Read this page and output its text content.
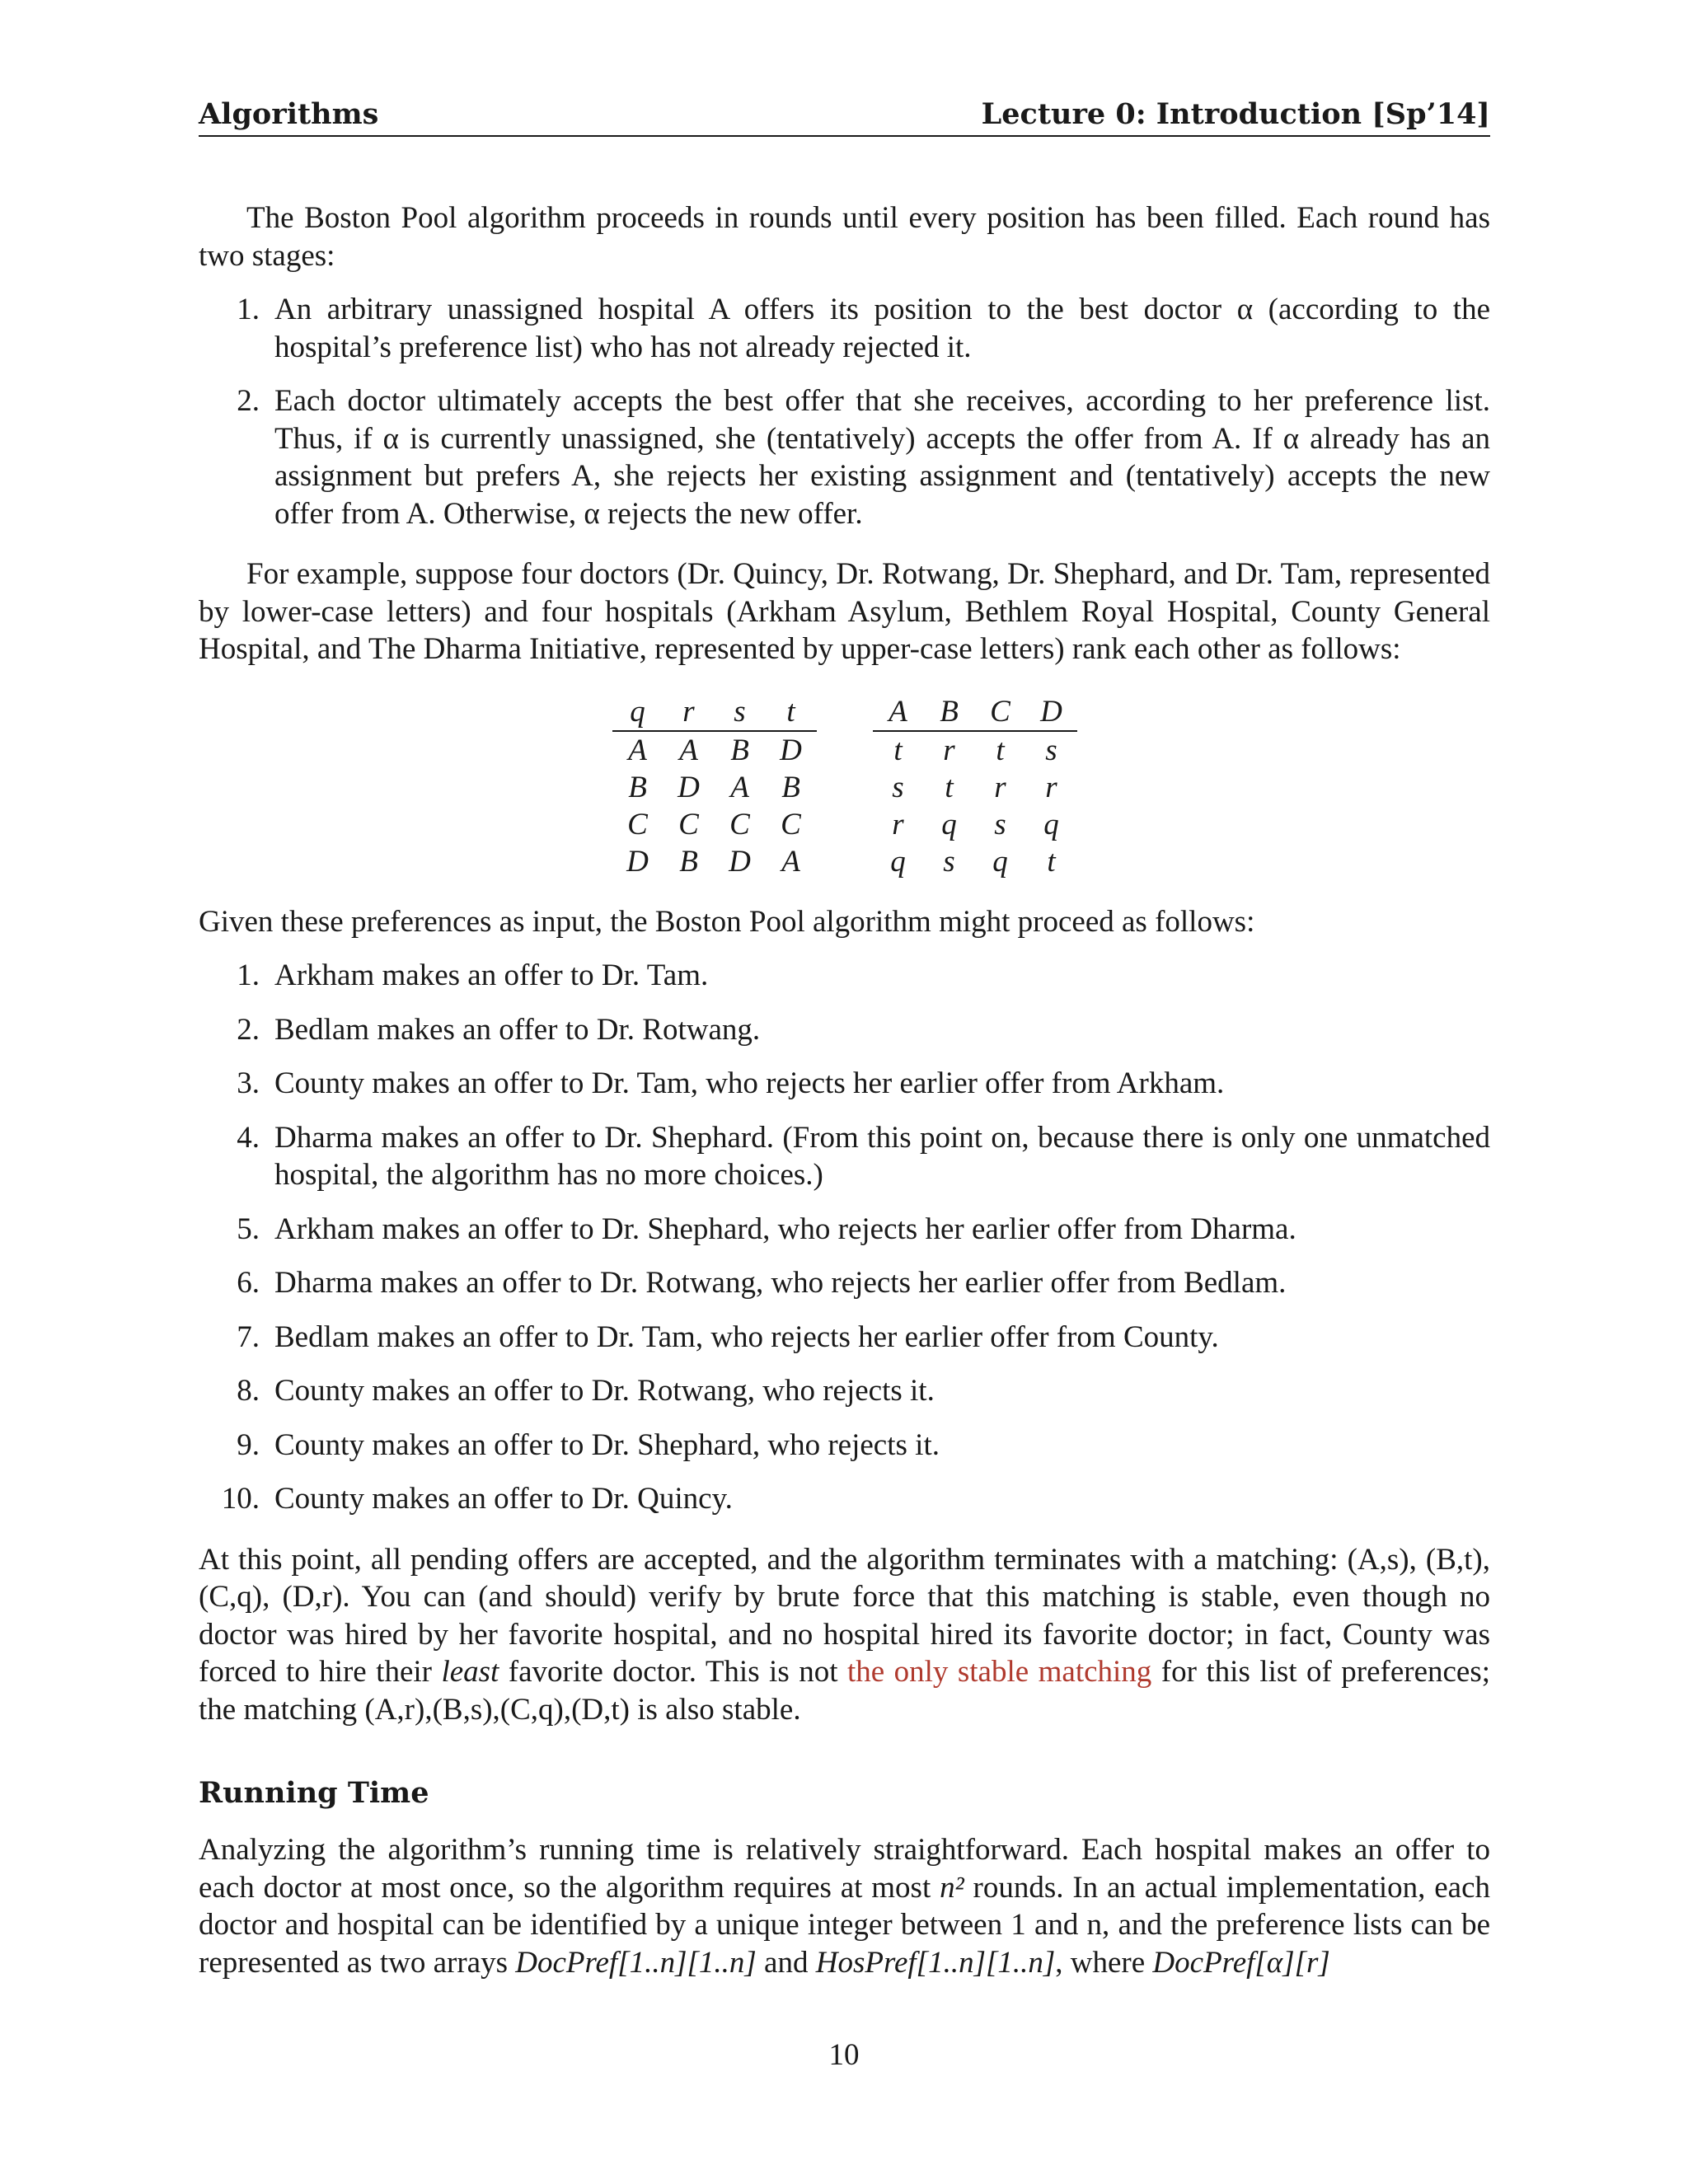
Algorithms	Lecture 0: Introduction [Sp’14]

The Boston Pool algorithm proceeds in rounds until every position has been filled. Each round has two stages:

1. An arbitrary unassigned hospital A offers its position to the best doctor α (according to the hospital’s preference list) who has not already rejected it.
2. Each doctor ultimately accepts the best offer that she receives, according to her preference list. Thus, if α is currently unassigned, she (tentatively) accepts the offer from A. If α already has an assignment but prefers A, she rejects her existing assignment and (tentatively) accepts the new offer from A. Otherwise, α rejects the new offer.

For example, suppose four doctors (Dr. Quincy, Dr. Rotwang, Dr. Shephard, and Dr. Tam, represented by lower-case letters) and four hospitals (Arkham Asylum, Bethlem Royal Hospital, County General Hospital, and The Dharma Initiative, represented by upper-case letters) rank each other as follows:

q	r	s	t
A	A	B	D
B	D	A	B
C	C	C	C
D	B	D	A
A	B	C	D
t	r	t	s
s	t	r	r
r	q	s	q
q	s	q	t

Given these preferences as input, the Boston Pool algorithm might proceed as follows:

1. Arkham makes an offer to Dr. Tam.
2. Bedlam makes an offer to Dr. Rotwang.
3. County makes an offer to Dr. Tam, who rejects her earlier offer from Arkham.
4. Dharma makes an offer to Dr. Shephard. (From this point on, because there is only one unmatched hospital, the algorithm has no more choices.)
5. Arkham makes an offer to Dr. Shephard, who rejects her earlier offer from Dharma.
6. Dharma makes an offer to Dr. Rotwang, who rejects her earlier offer from Bedlam.
7. Bedlam makes an offer to Dr. Tam, who rejects her earlier offer from County.
8. County makes an offer to Dr. Rotwang, who rejects it.
9. County makes an offer to Dr. Shephard, who rejects it.
10. County makes an offer to Dr. Quincy.

At this point, all pending offers are accepted, and the algorithm terminates with a matching: (A,s), (B,t), (C,q), (D,r). You can (and should) verify by brute force that this matching is stable, even though no doctor was hired by her favorite hospital, and no hospital hired its favorite doctor; in fact, County was forced to hire their least favorite doctor. This is not the only stable matching for this list of preferences; the matching (A,r),(B,s),(C,q),(D,t) is also stable.

Running Time

Analyzing the algorithm’s running time is relatively straightforward. Each hospital makes an offer to each doctor at most once, so the algorithm requires at most n² rounds. In an actual implementation, each doctor and hospital can be identified by a unique integer between 1 and n, and the preference lists can be represented as two arrays DocPref[1..n][1..n] and HosPref[1..n][1..n], where DocPref[α][r]

10
